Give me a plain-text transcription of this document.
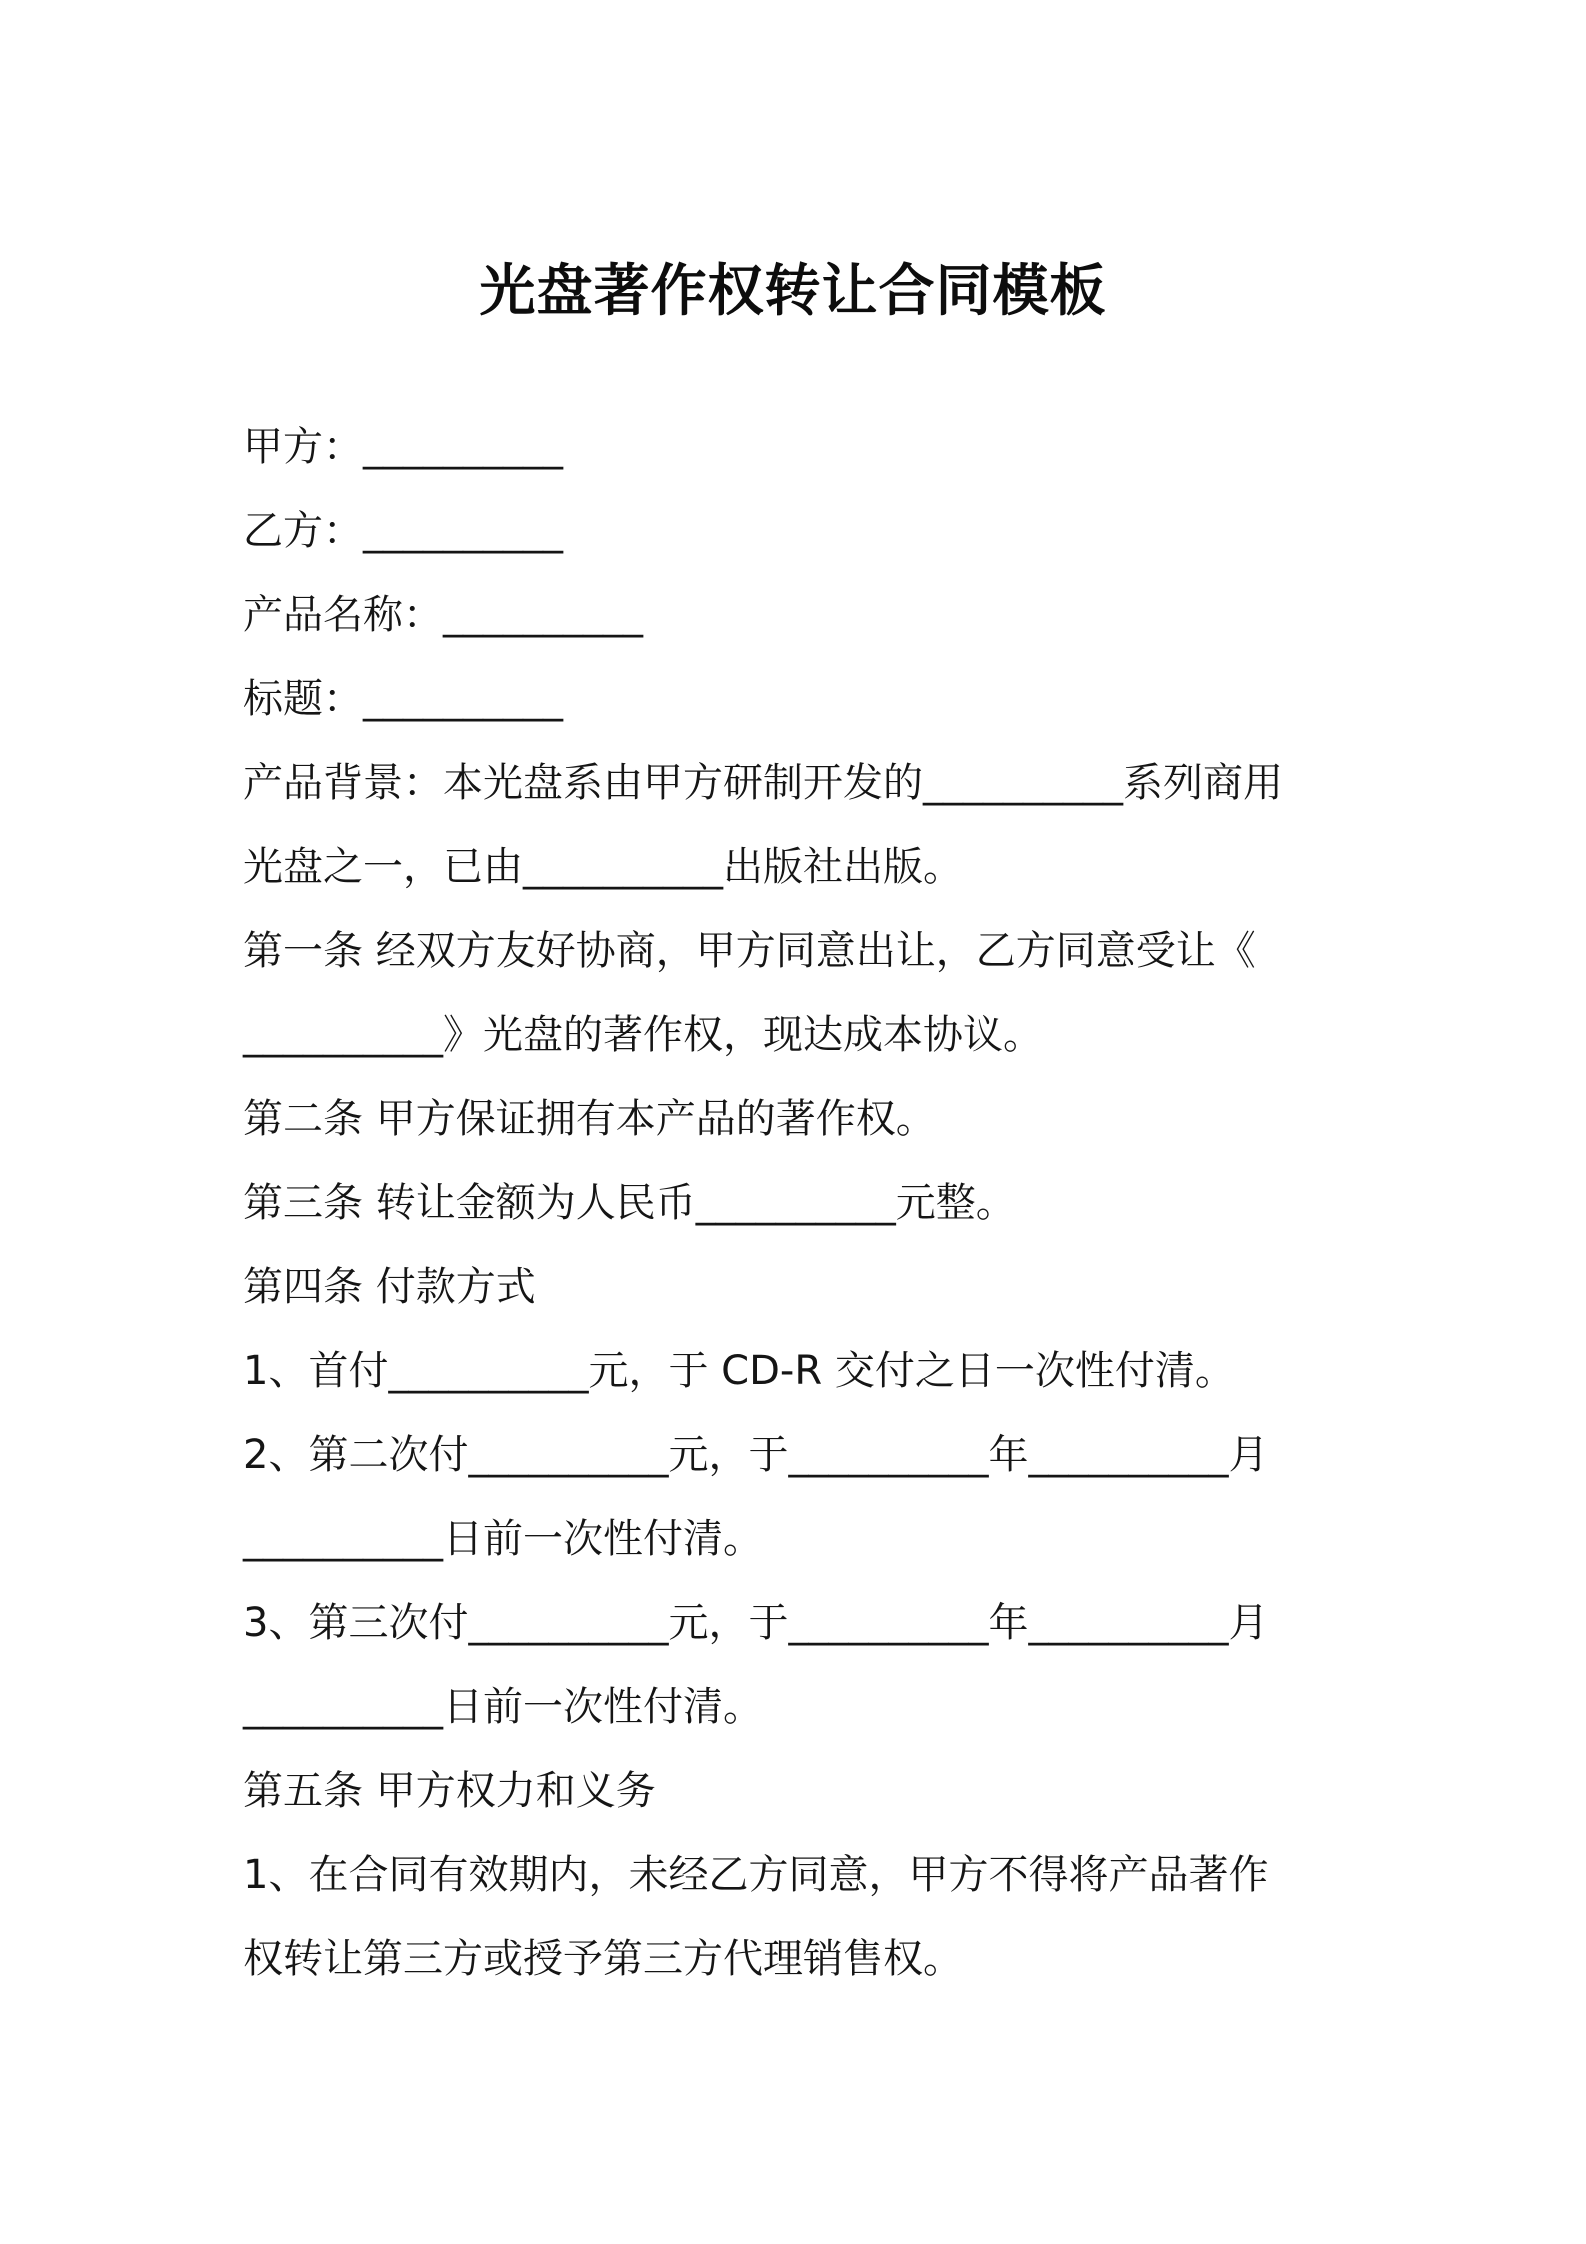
光盘著作权转让合同模板
甲方：__________
乙方：__________
产品名称：__________
标题：__________
产品背景：本光盘系由甲方研制开发的__________系列商用
光盘之一，已由__________出版社出版。
第一条 经双方友好协商，甲方同意出让，乙方同意受让《
__________》光盘的著作权，现达成本协议。
第二条 甲方保证拥有本产品的著作权。
第三条 转让金额为人民币__________元整。
第四条 付款方式
1、首付__________元，于 CD-R 交付之日一次性付清。
2、第二次付__________元，于__________年__________月
__________日前一次性付清。
3、第三次付__________元，于__________年__________月
__________日前一次性付清。
第五条 甲方权力和义务
1、在合同有效期内，未经乙方同意，甲方不得将产品著作
权转让第三方或授予第三方代理销售权。
